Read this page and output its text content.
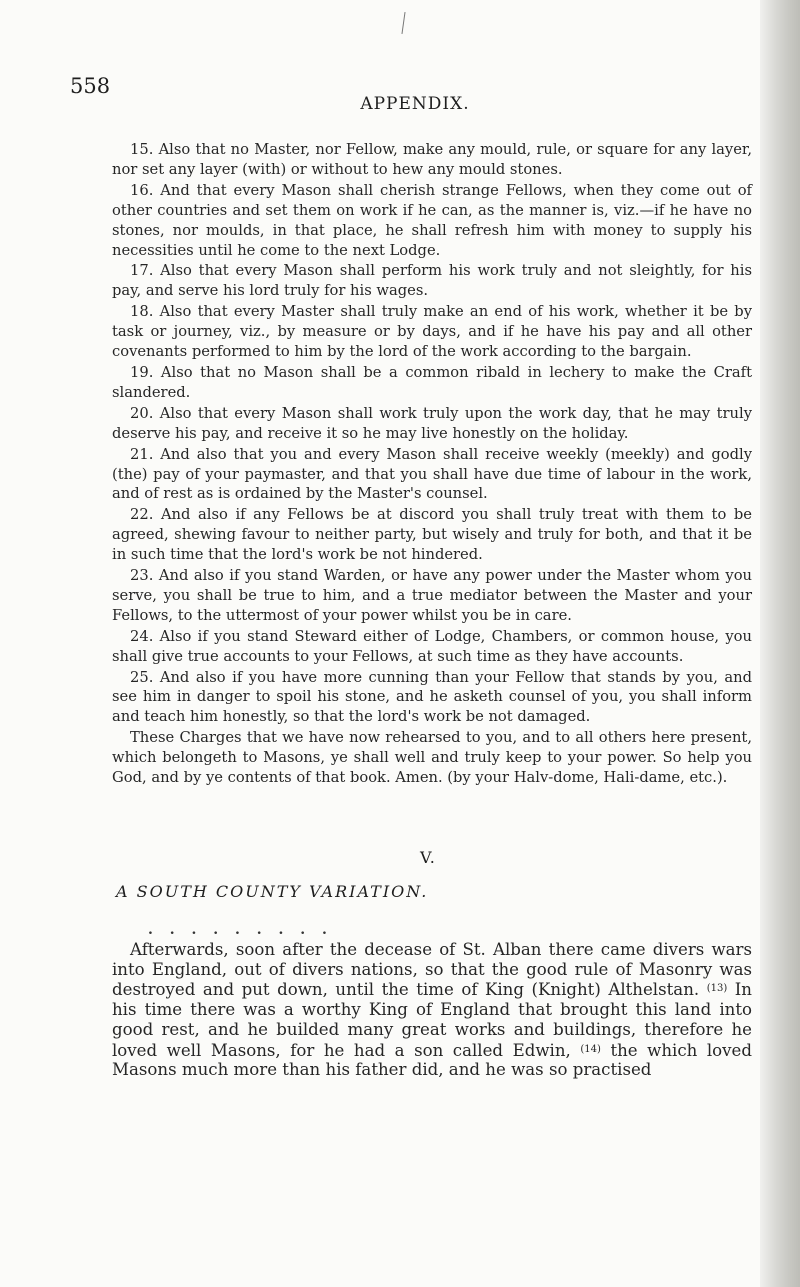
558
APPENDIX.

15. Also that no Master, nor Fellow, make any mould, rule, or square for any layer, nor set any layer (with) or without to hew any mould stones.

16. And that every Mason shall cherish strange Fellows, when they come out of other countries and set them on work if he can, as the manner is, viz.—if he have no stones, nor moulds, in that place, he shall refresh him with money to supply his necessities until he come to the next Lodge.

17. Also that every Mason shall perform his work truly and not sleightly, for his pay, and serve his lord truly for his wages.

18. Also that every Master shall truly make an end of his work, whether it be by task or journey, viz., by measure or by days, and if he have his pay and all other covenants performed to him by the lord of the work according to the bargain.

19. Also that no Mason shall be a common ribald in lechery to make the Craft slandered.

20. Also that every Mason shall work truly upon the work day, that he may truly deserve his pay, and receive it so he may live honestly on the holiday.

21. And also that you and every Mason shall receive weekly (meekly) and godly (the) pay of your paymaster, and that you shall have due time of labour in the work, and of rest as is ordained by the Master's counsel.

22. And also if any Fellows be at discord you shall truly treat with them to be agreed, shewing favour to neither party, but wisely and truly for both, and that it be in such time that the lord's work be not hindered.

23. And also if you stand Warden, or have any power under the Master whom you serve, you shall be true to him, and a true mediator between the Master and your Fellows, to the uttermost of your power whilst you be in care.

24. Also if you stand Steward either of Lodge, Chambers, or common house, you shall give true accounts to your Fellows, at such time as they have accounts.

25. And also if you have more cunning than your Fellow that stands by you, and see him in danger to spoil his stone, and he asketh counsel of you, you shall inform and teach him honestly, so that the lord's work be not damaged.

These Charges that we have now rehearsed to you, and to all others here present, which belongeth to Masons, ye shall well and truly keep to your power. So help you God, and by ye contents of that book. Amen. (by your Halv-dome, Hali-dame, etc.).

V.
A SOUTH COUNTY VARIATION.
. . . . . . . . .

Afterwards, soon after the decease of St. Alban there came divers wars into England, out of divers nations, so that the good rule of Masonry was destroyed and put down, until the time of King (Knight) Althelstan. $^{(13)}$ In his time there was a worthy King of England that brought this land into good rest, and he builded many great works and buildings, therefore he loved well Masons, for he had a son called Edwin, $^{(14)}$ the which loved Masons much more than his father did, and he was so practised
